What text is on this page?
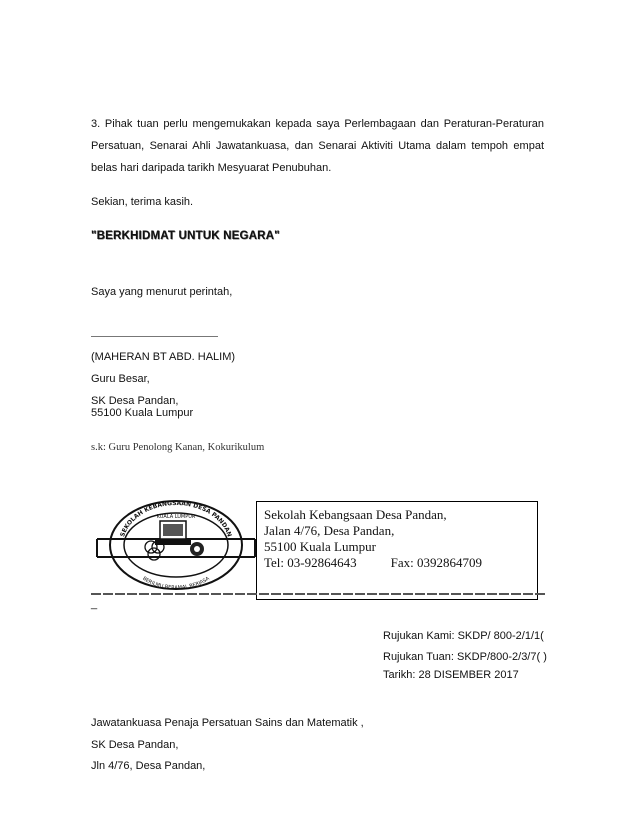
3. Pihak tuan perlu mengemukakan kepada saya Perlembagaan dan Peraturan-Peraturan Persatuan, Senarai Ahli Jawatankuasa, dan Senarai Aktiviti Utama dalam tempoh empat belas hari daripada tarikh Mesyuarat Penubuhan.
Sekian, terima kasih.
"BERKHIDMAT UNTUK NEGARA"
Saya yang menurut perintah,
(MAHERAN BT ABD. HALIM)
Guru Besar,
SK Desa Pandan,
55100 Kuala Lumpur
s.k: Guru Penolong Kanan, Kokurikulum
SEKOLAH KEBANGSAAN DESA PANDAN
KUALA LUMPUR
BERILMU BERAMAL BERJASA
Sekolah Kebangsaan Desa Pandan,
Jalan 4/76, Desa Pandan,
55100 Kuala Lumpur
Tel: 03-92864643	Fax: 0392864709
_
Rujukan Kami: SKDP/ 800-2/1/1(
Rujukan Tuan: SKDP/800-2/3/7( )
Tarikh: 28 DISEMBER 2017
Jawatankuasa Penaja Persatuan Sains dan Matematik ,
SK Desa Pandan,
Jln 4/76, Desa Pandan,
